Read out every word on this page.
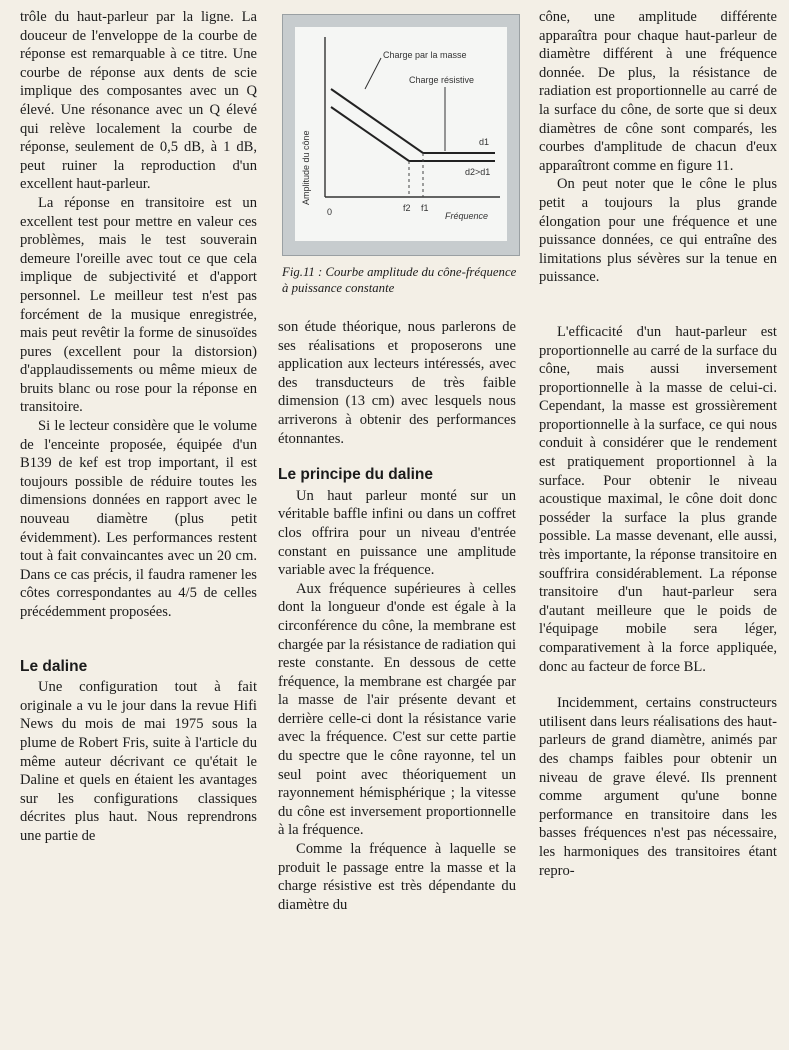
trôle du haut-parleur par la ligne. La douceur de l'enveloppe de la courbe de réponse est remarquable à ce titre. Une courbe de réponse aux dents de scie implique des composantes avec un Q élevé. Une résonance avec un Q élevé qui relève localement la courbe de réponse, seulement de 0,5 dB, à 1 dB, peut ruiner la reproduction d'un excellent haut-parleur.

La réponse en transitoire est un excellent test pour mettre en valeur ces problèmes, mais le test souverain demeure l'oreille avec tout ce que cela implique de subjectivité et d'apport personnel. Le meilleur test n'est pas forcément de la musique enregistrée, mais peut revêtir la forme de sinusoïdes pures (excellent pour la distorsion) d'applaudissements ou même mieux de bruits blanc ou rose pour la réponse en transitoire.

Si le lecteur considère que le volume de l'enceinte proposée, équipée d'un B139 de kef est trop important, il est toujours possible de réduire toutes les dimensions données en rapport avec le nouveau diamètre (plus petit évidemment). Les performances restent tout à fait convaincantes avec un 20 cm. Dans ce cas précis, il faudra ramener les côtes correspondantes au 4/5 de celles précédemment proposées.

Le daline

Une configuration tout à fait originale a vu le jour dans la revue Hifi News du mois de mai 1975 sous la plume de Robert Fris, suite à l'article du même auteur décrivant ce qu'était le Daline et quels en étaient les avantages sur les configurations classiques décrites plus haut. Nous reprendrons une partie de

Amplitude du cône
0	Fréquence
f2 f1
Charge par la masse
Charge résistive
d1
d2>d1
Fig.11 : Courbe amplitude du cône-fréquence à puissance constante

son étude théorique, nous parlerons de ses réalisations et proposerons une application aux lecteurs intéressés, avec des transducteurs de très faible dimension (13 cm) avec lesquels nous arriverons à obtenir des performances étonnantes.

Le principe du daline

Un haut parleur monté sur un véritable baffle infini ou dans un coffret clos offrira pour un niveau d'entrée constant en puissance une amplitude variable avec la fréquence.

Aux fréquence supérieures à celles dont la longueur d'onde est égale à la circonférence du cône, la membrane est chargée par la résistance de radiation qui reste constante. En dessous de cette fréquence, la membrane est chargée par la masse de l'air présente devant et derrière celle-ci dont la résistance varie avec la fréquence. C'est sur cette partie du spectre que le cône rayonne, tel un seul point avec théoriquement un rayonnement hémisphérique ; la vitesse du cône est inversement proportionnelle à la fréquence.

Comme la fréquence à laquelle se produit le passage entre la masse et la charge résistive est très dépendante du diamètre du

cône, une amplitude différente apparaîtra pour chaque haut-parleur de diamètre différent à une fréquence donnée. De plus, la résistance de radiation est proportionnelle au carré de la surface du cône, de sorte que si deux diamètres de cône sont comparés, les courbes d'amplitude de chacun d'eux apparaîtront comme en figure 11.

On peut noter que le cône le plus petit a toujours la plus grande élongation pour une fréquence et une puissance données, ce qui entraîne des limitations plus sévères sur la tenue en puissance.

L'efficacité d'un haut-parleur est proportionnelle au carré de la surface du cône, mais aussi inversement proportionnelle à la masse de celui-ci. Cependant, la masse est grossièrement proportionnelle à la surface, ce qui nous conduit à considérer que le rendement est pratiquement proportionnel à la surface. Pour obtenir le niveau acoustique maximal, le cône doit donc posséder la surface la plus grande possible. La masse devenant, elle aussi, très importante, la réponse transitoire en souffrira considérablement. La réponse transitoire d'un haut-parleur sera d'autant meilleure que le poids de l'équipage mobile sera léger, comparativement à la force appliquée, donc au facteur de force BL.

Incidemment, certains constructeurs utilisent dans leurs réalisations des haut-parleurs de grand diamètre, animés par des champs faibles pour obtenir un niveau de grave élevé. Ils prennent comme argument qu'une bonne performance en transitoire dans les basses fréquences n'est pas nécessaire, les harmoniques des transitoires étant repro-
